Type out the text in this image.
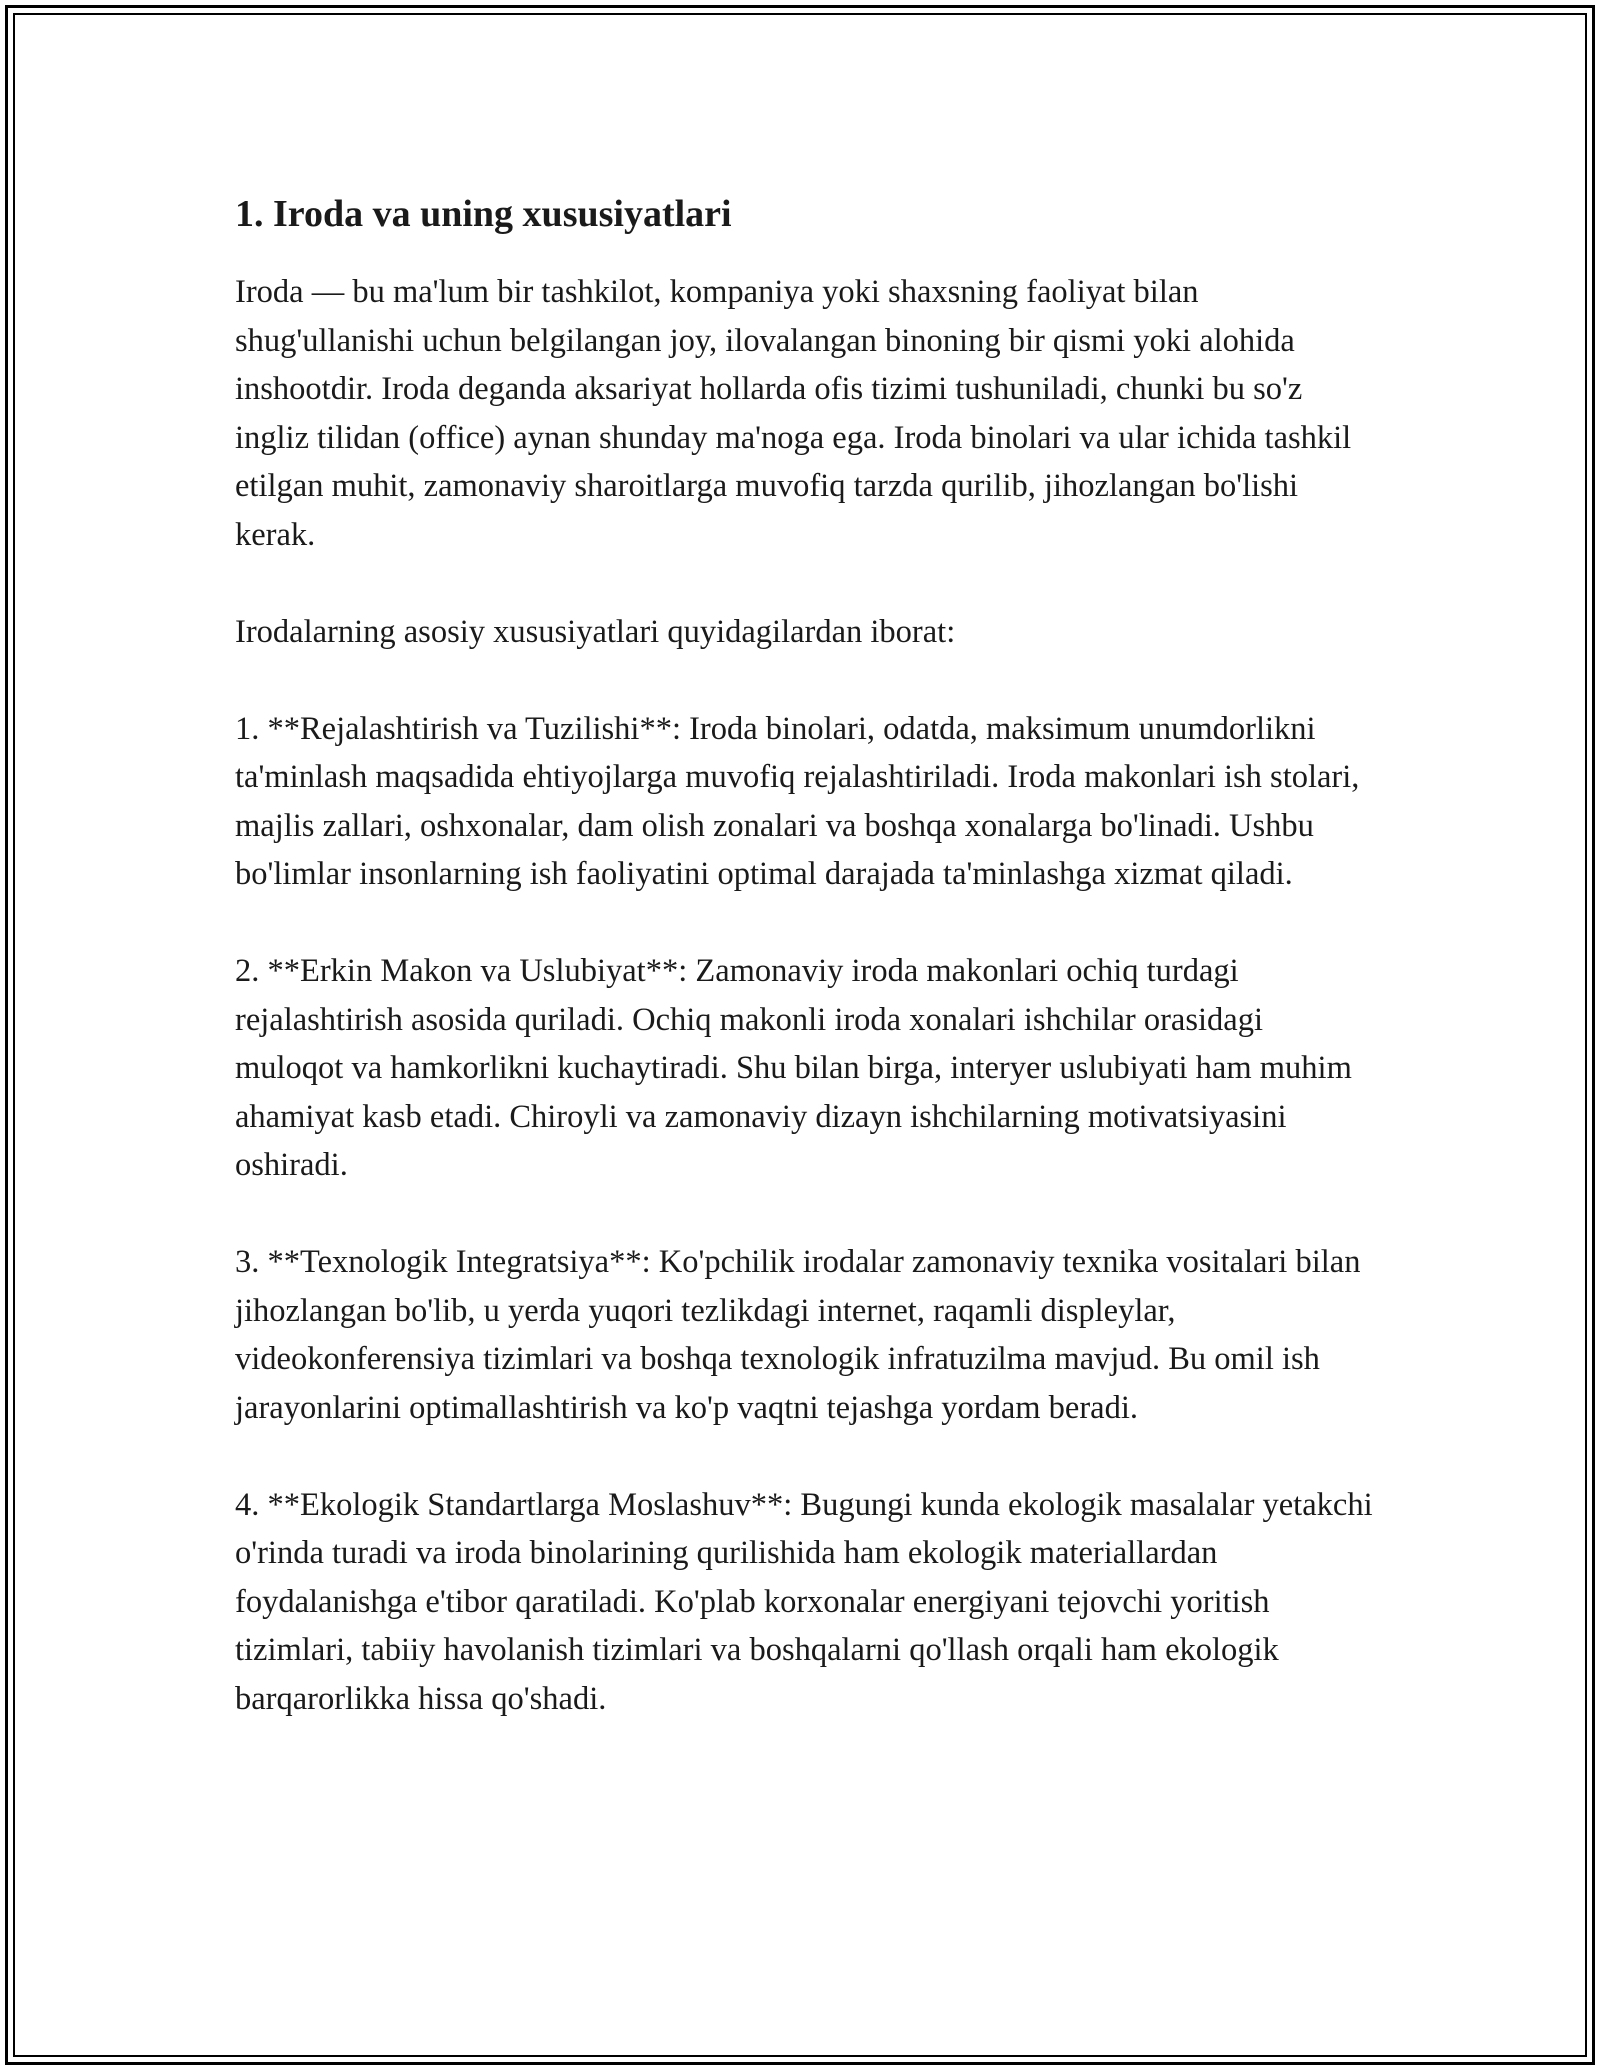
1. Iroda va uning xususiyatlari

Iroda — bu ma'lum bir tashkilot, kompaniya yoki shaxsning faoliyat bilan shug'ullanishi uchun belgilangan joy, ilovalangan binoning bir qismi yoki alohida inshootdir. Iroda deganda aksariyat hollarda ofis tizimi tushuniladi, chunki bu so'z ingliz tilidan (office) aynan shunday ma'noga ega. Iroda binolari va ular ichida tashkil etilgan muhit, zamonaviy sharoitlarga muvofiq tarzda qurilib, jihozlangan bo'lishi kerak.

Irodalarning asosiy xususiyatlari quyidagilardan iborat:

1. **Rejalashtirish va Tuzilishi**: Iroda binolari, odatda, maksimum unumdorlikni ta'minlash maqsadida ehtiyojlarga muvofiq rejalashtiriladi. Iroda makonlari ish stolari, majlis zallari, oshxonalar, dam olish zonalari va boshqa xonalarga bo'linadi. Ushbu bo'limlar insonlarning ish faoliyatini optimal darajada ta'minlashga xizmat qiladi.

2. **Erkin Makon va Uslubiyat**: Zamonaviy iroda makonlari ochiq turdagi rejalashtirish asosida quriladi. Ochiq makonli iroda xonalari ishchilar orasidagi muloqot va hamkorlikni kuchaytiradi. Shu bilan birga, interyer uslubiyati ham muhim ahamiyat kasb etadi. Chiroyli va zamonaviy dizayn ishchilarning motivatsiyasini oshiradi.

3. **Texnologik Integratsiya**: Ko'pchilik irodalar zamonaviy texnika vositalari bilan jihozlangan bo'lib, u yerda yuqori tezlikdagi internet, raqamli displeylar, videokonferensiya tizimlari va boshqa texnologik infratuzilma mavjud. Bu omil ish jarayonlarini optimallashtirish va ko'p vaqtni tejashga yordam beradi.

4. **Ekologik Standartlarga Moslashuv**: Bugungi kunda ekologik masalalar yetakchi o'rinda turadi va iroda binolarining qurilishida ham ekologik materiallardan foydalanishga e'tibor qaratiladi. Ko'plab korxonalar energiyani tejovchi yoritish tizimlari, tabiiy havolanish tizimlari va boshqalarni qo'llash orqali ham ekologik barqarorlikka hissa qo'shadi.
